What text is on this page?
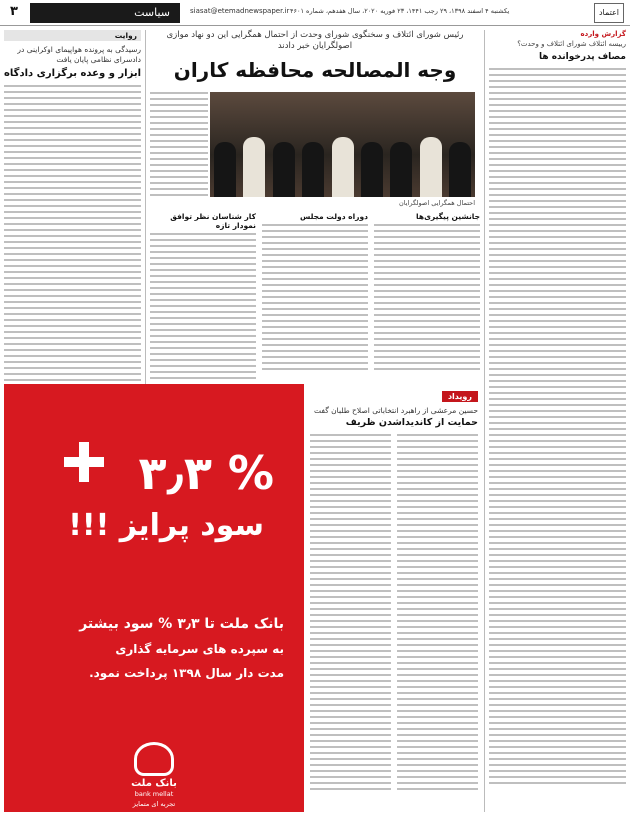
۳	سیاست	siasat@etemadnewspaper.ir یکشنبه ۴ اسفند ۱۳۹۸، ۲۹ رجب ۱۴۴۱، ۲۳ فوریه ۲۰۲۰، سال هفدهم، شماره ۴۶۰۱	اعتماد
گزارش وارده
رییسه ائتلاف شورای ائتلاف و وحدت؟
مصاف پدرخوانده ها
رئیس شورای ائتلاف و سخنگوی شورای وحدت از احتمال همگرایی این دو نهاد موازی اصولگرایان خبر دادند
وجه المصالحه محافظه کاران
روایت
رسیدگی به پرونده هواپیمای اوکراینی در دادسرای نظامی پایان یافت
ابزار و وعده برگزاری دادگاه
احتمال همگرایی اصولگرایان
جانشین پیگیری‌ها
دوراه دولت مجلس
کار شناسان نظر توافق نمودار تازه
۳٫۳ %
سود پرایز !!!
بانک ملت تا ۳٫۳ % سود بیشتر
به سپرده های سرمایه گذاری
مدت دار سال ۱۳۹۸ پرداخت نمود.
بانک ملت
bank mellat
تجربه ای متمایز
رویداد
حسین مرعشی از راهبرد انتخاباتی اصلاح طلبان گفت
حمایت از کاندیداشدن ظریف
